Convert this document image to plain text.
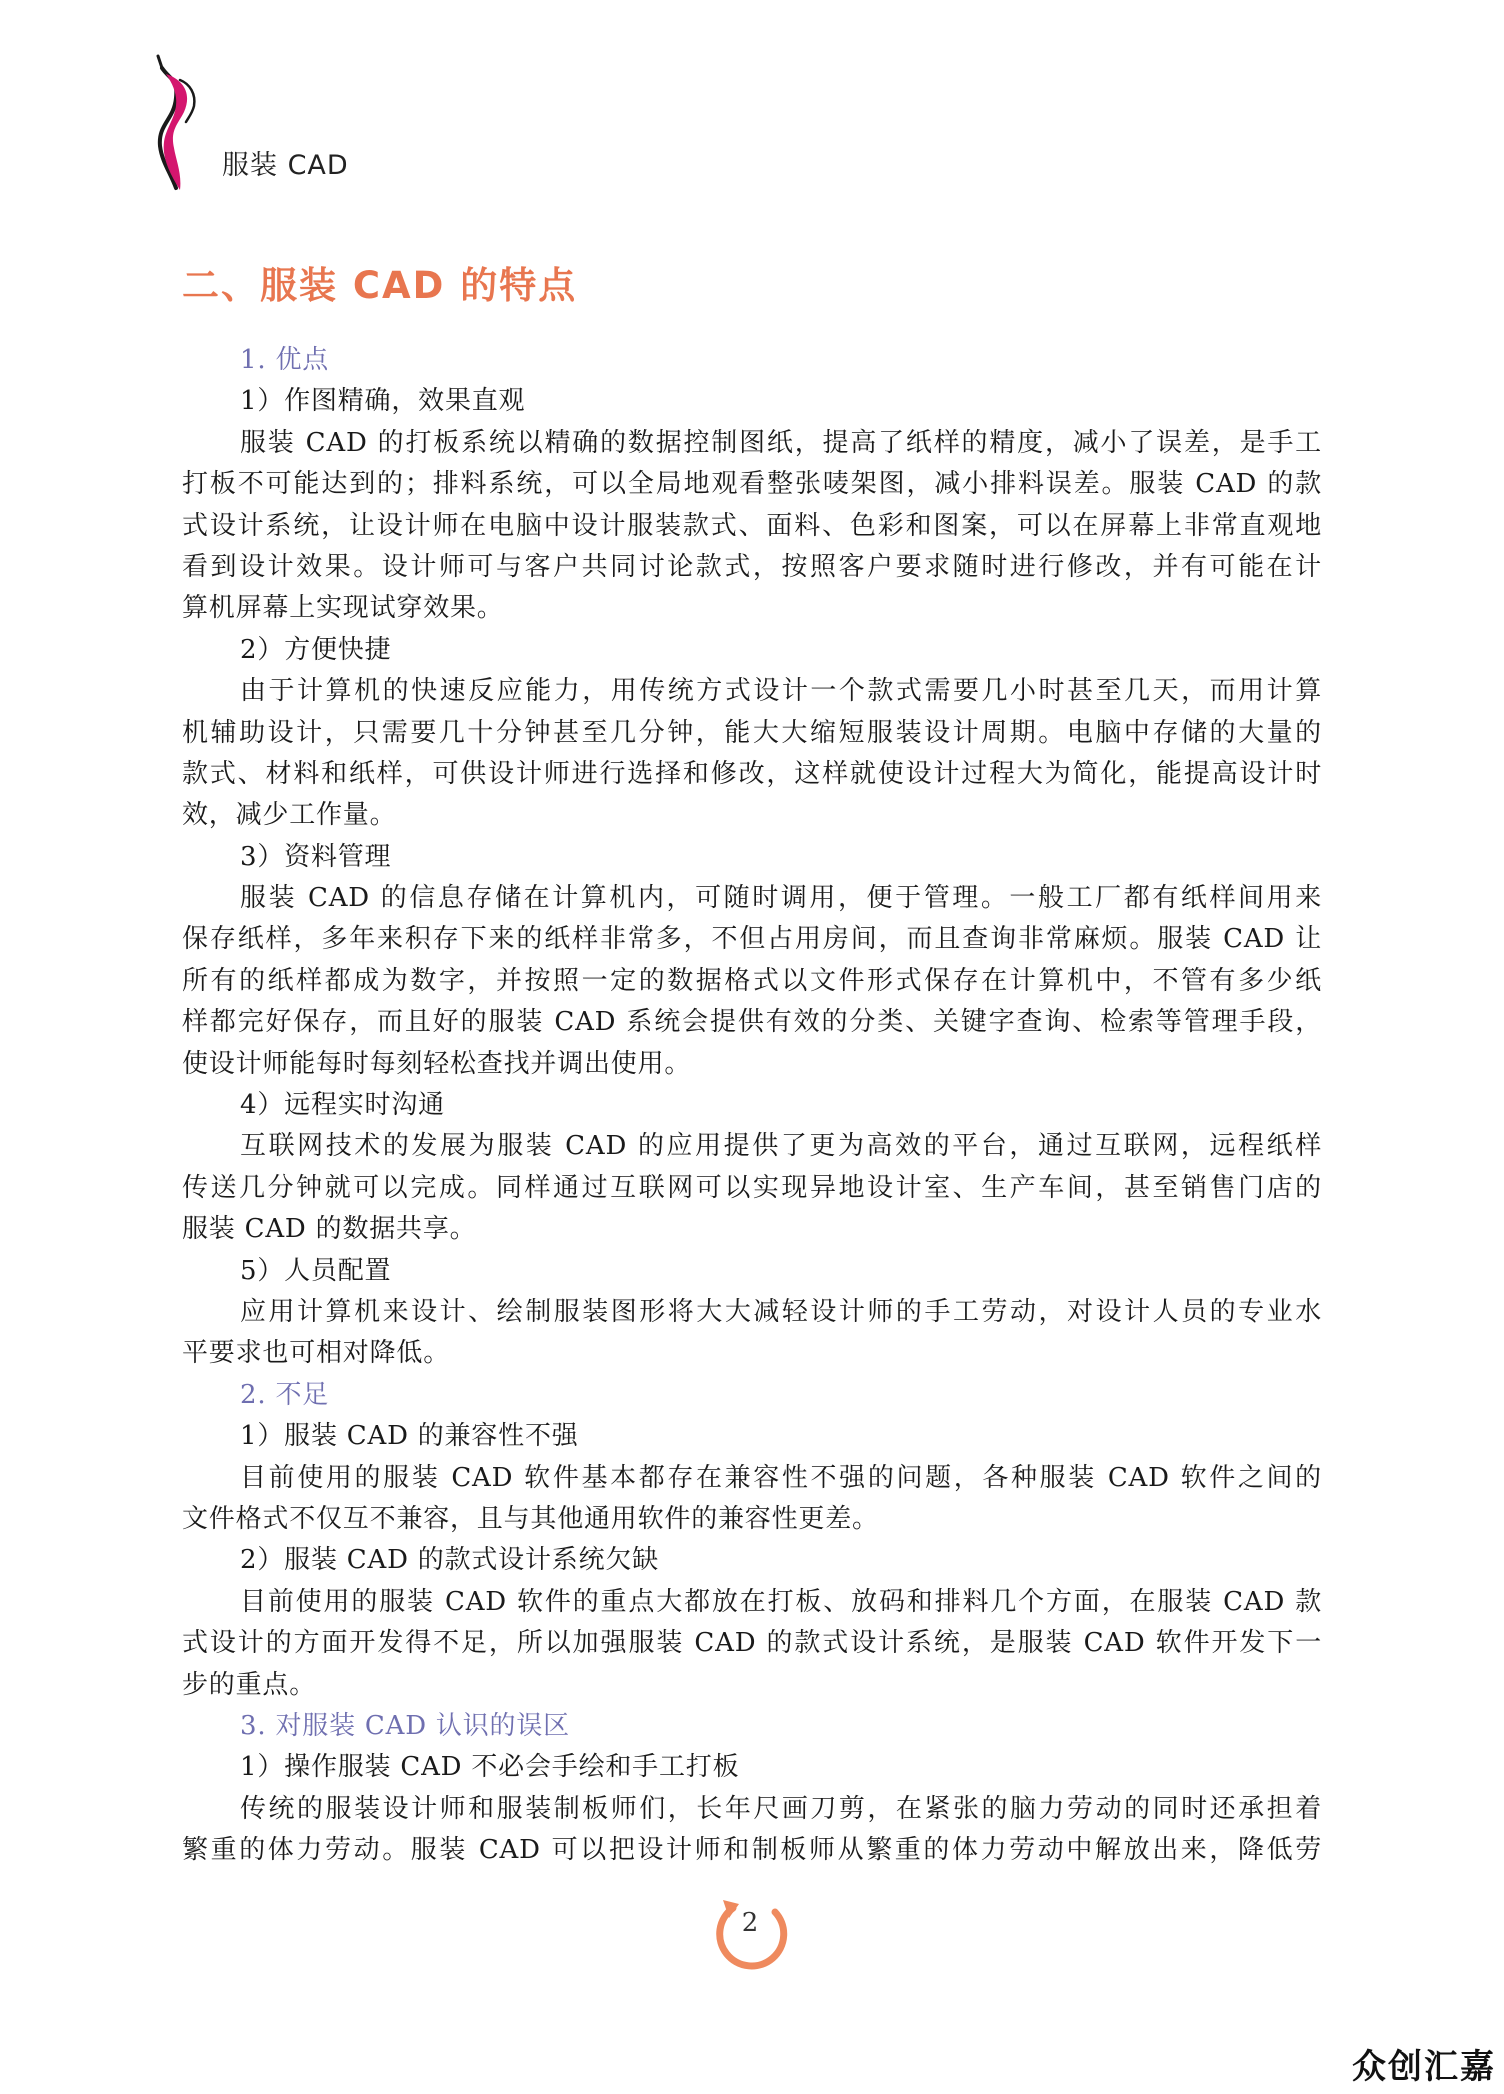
服装 CAD
二、服装 CAD 的特点
1. 优点
1）作图精确，效果直观
服装 CAD 的打板系统以精确的数据控制图纸，提高了纸样的精度，减小了误差，是手工
打板不可能达到的；排料系统，可以全局地观看整张唛架图，减小排料误差。服装 CAD 的款
式设计系统，让设计师在电脑中设计服装款式、面料、色彩和图案，可以在屏幕上非常直观地
看到设计效果。设计师可与客户共同讨论款式，按照客户要求随时进行修改，并有可能在计
算机屏幕上实现试穿效果。
2）方便快捷
由于计算机的快速反应能力，用传统方式设计一个款式需要几小时甚至几天，而用计算
机辅助设计，只需要几十分钟甚至几分钟，能大大缩短服装设计周期。电脑中存储的大量的
款式、材料和纸样，可供设计师进行选择和修改，这样就使设计过程大为简化，能提高设计时
效，减少工作量。
3）资料管理
服装 CAD 的信息存储在计算机内，可随时调用，便于管理。一般工厂都有纸样间用来
保存纸样，多年来积存下来的纸样非常多，不但占用房间，而且查询非常麻烦。服装 CAD 让
所有的纸样都成为数字，并按照一定的数据格式以文件形式保存在计算机中，不管有多少纸
样都完好保存，而且好的服装 CAD 系统会提供有效的分类、关键字查询、检索等管理手段，
使设计师能每时每刻轻松查找并调出使用。
4）远程实时沟通
互联网技术的发展为服装 CAD 的应用提供了更为高效的平台，通过互联网，远程纸样
传送几分钟就可以完成。同样通过互联网可以实现异地设计室、生产车间，甚至销售门店的
服装 CAD 的数据共享。
5）人员配置
应用计算机来设计、绘制服装图形将大大减轻设计师的手工劳动，对设计人员的专业水
平要求也可相对降低。
2. 不足
1）服装 CAD 的兼容性不强
目前使用的服装 CAD 软件基本都存在兼容性不强的问题，各种服装 CAD 软件之间的
文件格式不仅互不兼容，且与其他通用软件的兼容性更差。
2）服装 CAD 的款式设计系统欠缺
目前使用的服装 CAD 软件的重点大都放在打板、放码和排料几个方面，在服装 CAD 款
式设计的方面开发得不足，所以加强服装 CAD 的款式设计系统，是服装 CAD 软件开发下一
步的重点。
3. 对服装 CAD 认识的误区
1）操作服装 CAD 不必会手绘和手工打板
传统的服装设计师和服装制板师们，长年尺画刀剪，在紧张的脑力劳动的同时还承担着
繁重的体力劳动。服装 CAD 可以把设计师和制板师从繁重的体力劳动中解放出来，降低劳
2
众创汇嘉
